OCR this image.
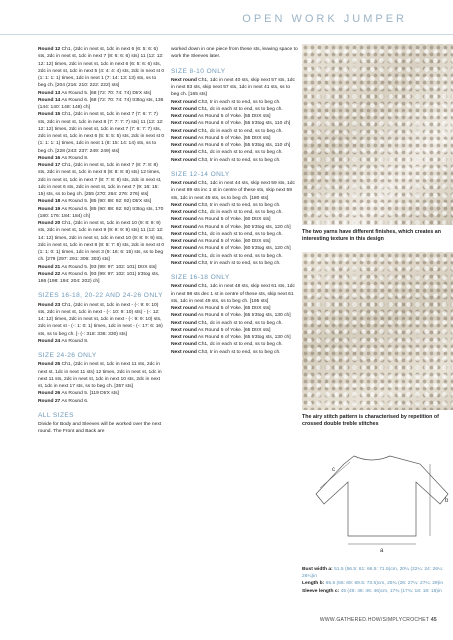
OPEN WORK JUMPER

Round 12 Ch1, (2dc in next st, 1dc in next 6 (6: 5: 6: 6) sts, 2dc in next st, 1dc in next 7 (8: 6: 6: 6) sts) 11 (12: 12: 12: 12) times, 2dc in next st, 1dc in next 6 (6: 5: 6: 6) sts, 2dc in next st, 1dc in next 5 (4: 4: 4: 4) sts, 2dc in next st 0 (1: 1: 1: 1) times, 1dc in next 1 (7: 14: 13: 13) sts, ss to beg ch. [204 (216: 210: 222: 222) sts]

Round 13 As Round 5. [68 (72: 70: 74: 74) DtrX sts]

Round 14 As Round 6. [68 (72: 70: 74: 74) tr3tog sts, 136 (144: 140: 148: 148) ch]

Round 15 Ch1, (2dc in next st, 1dc in next 7 (7: 6: 7: 7) sts, 2dc in next st, 1dc in next 8 (7: 7: 7: 7) sts) 11 (12: 12: 12: 12) times, 2dc in next st, 1dc in next 7 (7: 6: 7: 7) sts, 2dc in next st, 1dc in next 6 (5: 5: 5: 5) sts, 2dc in next st 0 (1: 1: 1: 1) times, 1dc in next 1 (8: 15: 14: 14) sts, ss to beg ch. [228 (243: 237: 249: 249) sts]

Round 16 As Round 8.

Round 17 Ch1, (2dc in next st, 1dc in next 7 (8: 7: 8: 8) sts, 2dc in next st, 1dc in next 8 (8: 8: 8: 8) sts) 12 times, 2dc in next st, 1dc in next 7 (8: 7: 8: 8) sts, 2dc in next st, 1dc in next 6 sts, 2dc in next st, 1dc in next 7 (9: 16: 15: 15) sts, ss to beg ch. [255 (270: 264: 276: 276) sts]

Round 18 As Round 5. [85 (90: 88: 92: 92) DtrX sts]

Round 19 As Round 6. [85 (90: 88: 92: 92) tr3tog sts, 170 (180: 176: 184: 184) ch]

Round 20 Ch1, (2dc in next st, 1dc in next 10 (9: 8: 9: 9) sts, 2dc in next st, 1dc in next 9 (9: 9: 9: 9) sts) 11 (12: 12: 14: 12) times, 2dc in next st, 1dc in next 10 (9: 8: 9: 9) sts, 2dc in next st, 1dc in next 8 (8: 8: 7: 8) sts, 2dc in next st 0 (1: 1: 0: 1) times, 1dc in next 3 (9: 16: 6: 15) sts, ss to beg ch. [279 (297: 291: 306: 303) sts]

Round 21 As Round 5. [93 (99: 97: 102: 101) DtrX sts]

Round 22 As Round 6. [93 (99: 97: 102: 101) tr3tog sts, 186 (198: 194: 204: 202) ch]

SIZES 16-18, 20-22 AND 24-26 ONLY

Round 23 Ch1, (2dc in next st, 1dc in next - (-: 9: 9: 10) sts, 2dc in next st, 1dc in next - (-: 10: 9: 10) sts) - (-: 12: 14: 12) times, 2dc in next st, 1dc in next - (-: 9: 9: 10) sts, 2dc in next st - (-: 1: 0: 1) times, 1dc in next - (-: 17: 6: 16) sts, ss to beg ch. [- (-: 318: 336: 330) sts]

Round 24 As Round 8.

SIZE 24-26 ONLY

Round 25 Ch1, (2dc in next st, 1dc in next 11 sts, 2dc in next st, 1dc in next 11 sts) 12 times, 2dc in next st, 1dc in next 11 sts, 2dc in next st, 1dc in next 10 sts, 2dc in next st, 1dc in next 17 sts, ss to beg ch. [357 sts]

Round 26 As Round 5. [119 DtrX sts]

Round 27 As Round 6.

ALL SIZES

Divide for Body and Sleeves will be worked over the next round. The Front and Back are

worked down in one piece from these sts, leaving space to work the Sleeves later.

SIZE 8-10 ONLY

Next round Ch1, 1dc in next 40 sts, skip next 57 sts, 1dc in next 83 sts, skip next 57 sts, 1dc in next 41 sts, ss to beg ch. [165 sts]

Next round Ch3, tr in each st to end, ss to beg ch.

Next round Ch1, dc in each st to end, ss to beg ch.

Next round As Round 5 of Yoke. [55 DtrX sts]

Next round As Round 6 of Yoke. [55 tr3tog sts, 110 ch]

Next round Ch1, dc in each st to end, ss to beg ch.

Next round As Round 5 of Yoke. [55 DtrX sts]

Next round As Round 6 of Yoke. [55 tr3tog sts, 110 ch]

Next round Ch1, dc in each st to end, ss to beg ch.

Next round Ch3, tr in each st to end, ss to beg ch.

SIZE 12-14 ONLY

Next round Ch1, 1dc in next 44 sts, skip next 59 sts, 1dc in next 89 sts inc 1 st in centre of these sts, skip next 59 sts, 1dc in next 45 sts, ss to beg ch. [180 sts]

Next round Ch3, tr in each st to end, ss to beg ch.

Next round Ch1, dc in each st to end, ss to beg ch.

Next round As Round 5 of Yoke. [60 DtrX sts]

Next round As Round 6 of Yoke. [60 tr3tog sts, 120 ch]

Next round Ch1, dc in each st to end, ss to beg ch.

Next round As Round 5 of Yoke. [60 DtrX sts]

Next round As Round 6 of Yoke. [60 tr3tog sts, 120 ch]

Next round Ch1, dc in each st to end, ss to beg ch.

Next round Ch3, tr in each st to end, ss to beg ch.

SIZE 16-18 ONLY

Next round Ch1, 1dc in next 48 sts, skip next 61 sts, 1dc in next 98 sts dec 1 st in centre of these sts, skip next 61 sts, 1dc in next 49 sts, ss to beg ch. [195 sts]

Next round As Round 5 of Yoke. [65 DtrX sts]

Next round As Round 6 of Yoke. [65 tr3tog sts, 130 ch]

Next round Ch1, dc in each st to end, ss to beg ch.

Next round As Round 5 of Yoke. [65 DtrX sts]

Next round As Round 6 of Yoke. [65 tr3tog sts, 130 ch]

Next round Ch1, dc in each st to end, ss to beg ch.

Next round Ch3, tr in each st to end, ss to beg ch.

The two yarns have different finishes, which creates an interesting texture in this design
The airy stitch pattern is characterised by repetition of crossed double treble stitches
c
a
b
Bust width a: 51.5 (56.5: 61: 66.5: 71.5)cm, 20¼ (22¼: 24: 26¼: 28¼)in
Length b: 65.5 (66: 69: 69.5: 73.5)cm, 25¾ (26: 27¼: 27¼: 29)in
Sleeve length c: 45 (45: 46: 46: 46)cm, 17¾ (17¾: 18: 18: 18)in
WWW.GATHERED.HOW/SIMPLYCROCHET 45
